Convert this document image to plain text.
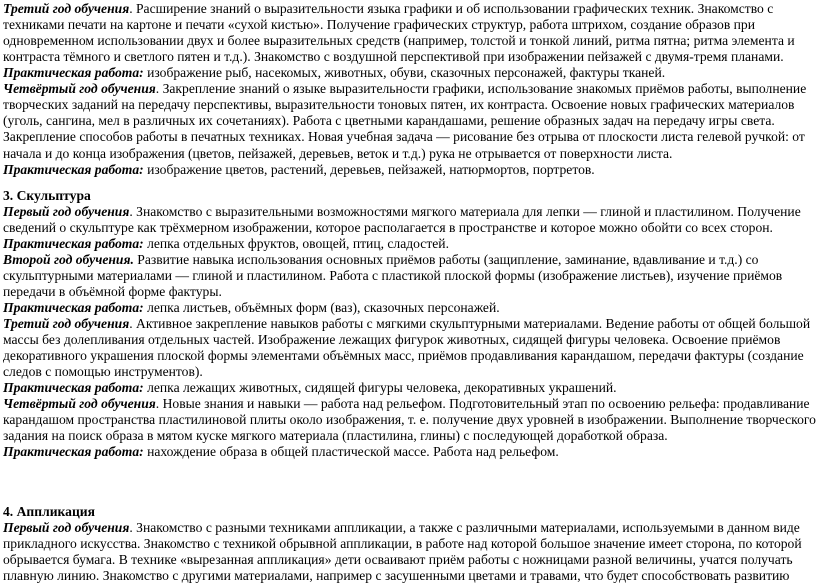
Третий год обучения. Расширение знаний о выразительности языка графики и об использовании графических техник. Знакомство с
техниками печати на картоне и печати «сухой кистью». Получение графических структур, работа штрихом, создание образов при
одновременном использовании двух и более выразительных средств (например, толстой и тонкой линий, ритма пятна; ритма элемента и
контраста тёмного и светлого пятен и т.д.). Знакомство с воздушной перспективой при изображении пейзажей с двумя-тремя планами.
Практическая работа: изображение рыб, насекомых, животных, обуви, сказочных персонажей, фактуры тканей.
Четвёртый год обучения. Закрепление знаний о языке выразительности графики, использование знакомых приёмов работы, выполнение
творческих заданий на передачу перспективы, выразительности тоновых пятен, их контраста. Освоение новых графических материалов
(уголь, сангина, мел в различных их сочетаниях). Работа с цветными карандашами, решение образных задач на передачу игры света.
Закрепление способов работы в печатных техниках. Новая учебная задача — рисование без отрыва от плоскости листа гелевой ручкой: от
начала и до конца изображения (цветов, пейзажей, деревьев, веток и т.д.) рука не отрывается от поверхности листа.
Практическая работа: изображение цветов, растений, деревьев, пейзажей, натюрмортов, портретов.
3. Скульптура
Первый год обучения. Знакомство с выразительными возможностями мягкого материала для лепки — глиной и пластилином. Получение
сведений о скульптуре как трёхмерном изображении, которое располагается в пространстве и которое можно обойти со всех сторон.
Практическая работа: лепка отдельных фруктов, овощей, птиц, сладостей.
Второй год обучения. Развитие навыка использования основных приёмов работы (защипление, заминание, вдавливание и т.д.) со
скульптурными материалами — глиной и пластилином. Работа с пластикой плоской формы (изображение листьев), изучение приёмов
передачи в объёмной форме фактуры.
Практическая работа: лепка листьев, объёмных форм (ваз), сказочных персонажей.
Третий год обучения. Активное закрепление навыков работы с мягкими скульптурными материалами. Ведение работы от общей большой
массы без долепливания отдельных частей. Изображение лежащих фигурок животных, сидящей фигуры человека. Освоение приёмов
декоративного украшения плоской формы элементами объёмных масс, приёмов продавливания карандашом, передачи фактуры (создание
следов с помощью инструментов).
Практическая работа: лепка лежащих животных, сидящей фигуры человека, декоративных украшений.
Четвёртый год обучения. Новые знания и навыки — работа над рельефом. Подготовительный этап по освоению рельефа: продавливание
карандашом пространства пластилиновой плиты около изображения, т. е. получение двух уровней в изображении. Выполнение творческого
задания на поиск образа в мятом куске мягкого материала (пластилина, глины) с последующей доработкой образа.
Практическая работа: нахождение образа в общей пластической массе. Работа над рельефом.
4. Аппликация
Первый год обучения. Знакомство с разными техниками аппликации, а также с различными материалами, используемыми в данном виде
прикладного искусства. Знакомство с техникой обрывной аппликации, в работе над которой большое значение имеет сторона, по которой
обрывается бумага. В технике «вырезанная аппликация» дети осваивают приём работы с ножницами разной величины, учатся получать
плавную линию. Знакомство с другими материалами, например с засушенными цветами и травами, что будет способствовать развитию
